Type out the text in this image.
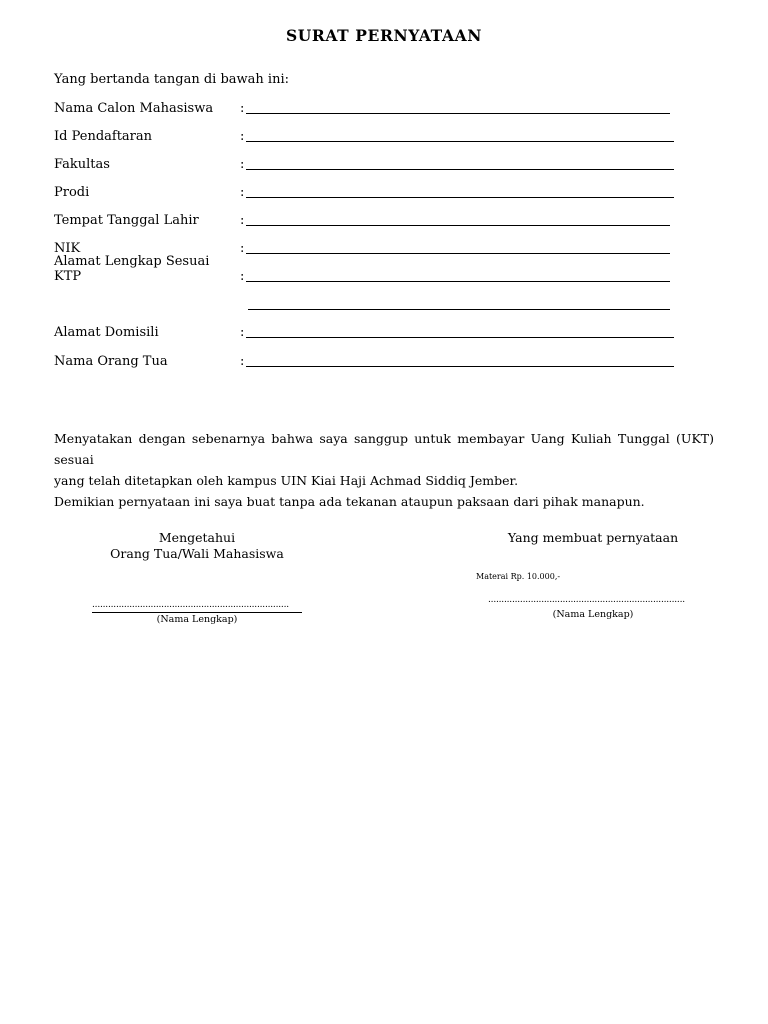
SURAT PERNYATAAN
Yang bertanda tangan di bawah ini:
Nama Calon Mahasiswa	:
Id Pendaftaran	:
Fakultas	:
Prodi	:
Tempat Tanggal Lahir	:
NIK	:
Alamat Lengkap Sesuai KTP	:
Alamat Domisili	:
Nama Orang Tua	:

Menyatakan dengan sebenarnya bahwa saya sanggup untuk membayar Uang Kuliah Tunggal (UKT) sesuai

yang telah ditetapkan oleh kampus UIN Kiai Haji Achmad Siddiq Jember.

Demikian pernyataan ini saya buat tanpa ada tekanan ataupun paksaan dari pihak manapun.

Mengetahui
Orang Tua/Wali Mahasiswa
Yang membuat pernyataan
Materai Rp. 10.000,-
..........................................................................	..........................................................................
(Nama Lengkap)	(Nama Lengkap)
